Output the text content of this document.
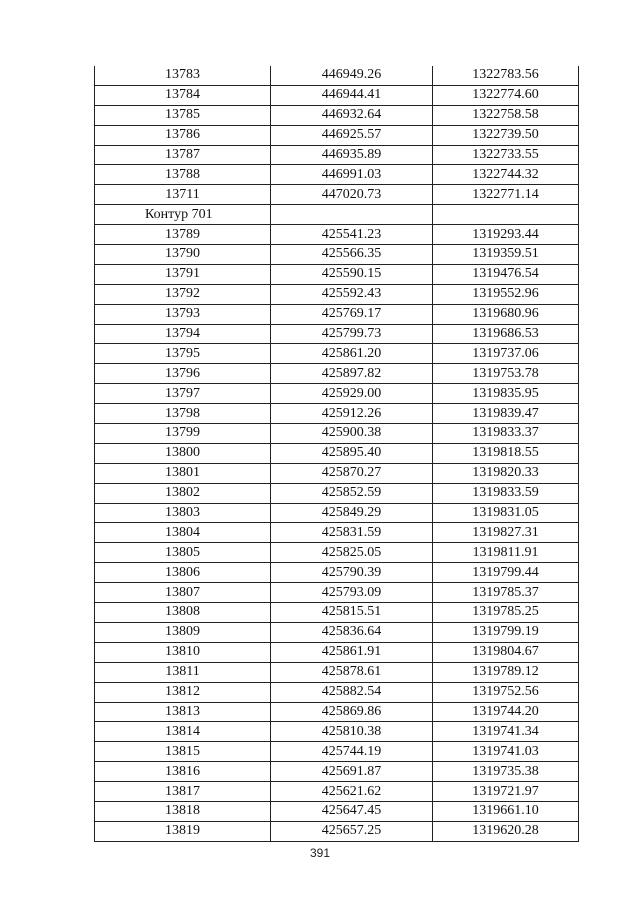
13783	446949.26	1322783.56
13784	446944.41	1322774.60
13785	446932.64	1322758.58
13786	446925.57	1322739.50
13787	446935.89	1322733.55
13788	446991.03	1322744.32
13711	447020.73	1322771.14
Контур 701		
13789	425541.23	1319293.44
13790	425566.35	1319359.51
13791	425590.15	1319476.54
13792	425592.43	1319552.96
13793	425769.17	1319680.96
13794	425799.73	1319686.53
13795	425861.20	1319737.06
13796	425897.82	1319753.78
13797	425929.00	1319835.95
13798	425912.26	1319839.47
13799	425900.38	1319833.37
13800	425895.40	1319818.55
13801	425870.27	1319820.33
13802	425852.59	1319833.59
13803	425849.29	1319831.05
13804	425831.59	1319827.31
13805	425825.05	1319811.91
13806	425790.39	1319799.44
13807	425793.09	1319785.37
13808	425815.51	1319785.25
13809	425836.64	1319799.19
13810	425861.91	1319804.67
13811	425878.61	1319789.12
13812	425882.54	1319752.56
13813	425869.86	1319744.20
13814	425810.38	1319741.34
13815	425744.19	1319741.03
13816	425691.87	1319735.38
13817	425621.62	1319721.97
13818	425647.45	1319661.10
13819	425657.25	1319620.28
391
